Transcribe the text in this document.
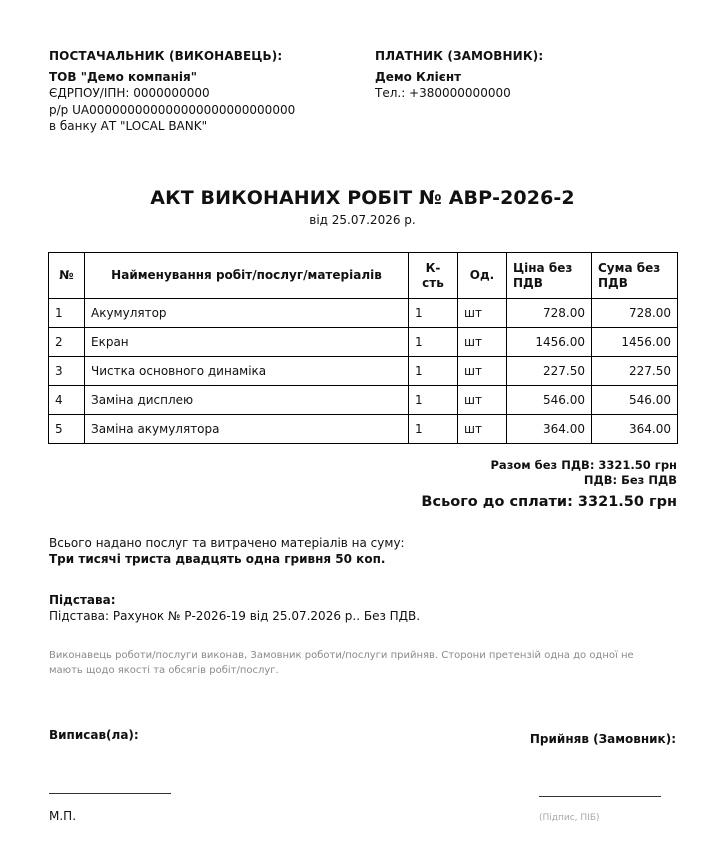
ПОСТАЧАЛЬНИК (ВИКОНАВЕЦЬ):
ТОВ "Демо компанія"
ЄДРПОУ/ІПН: 0000000000
р/р UA000000000000000000000000000
в банку АТ "LOCAL BANK"
ПЛАТНИК (ЗАМОВНИК):
Демо Клієнт
Тел.: +380000000000
АКТ ВИКОНАНИХ РОБІТ № АВР-2026-2
від 25.07.2026 р.
№	Найменування робіт/послуг/матеріалів	К-сть	Од.	Ціна без ПДВ	Сума без ПДВ
1	Акумулятор	1	шт	728.00	728.00
2	Екран	1	шт	1456.00	1456.00
3	Чистка основного динаміка	1	шт	227.50	227.50
4	Заміна дисплею	1	шт	546.00	546.00
5	Заміна акумулятора	1	шт	364.00	364.00
Разом без ПДВ: 3321.50 грн
ПДВ: Без ПДВ
Всього до сплати: 3321.50 грн
Всього надано послуг та витрачено матеріалів на суму:
Три тисячі триста двадцять одна гривня 50 коп.
Підстава:
Підстава: Рахунок № Р-2026-19 від 25.07.2026 р.. Без ПДВ.
Виконавець роботи/послуги виконав, Замовник роботи/послуги прийняв. Сторони претензій одна до одної не
мають щодо якості та обсягів робіт/послуг.
Виписав(ла):	Прийняв (Замовник):
М.П.	(Підпис, ПІБ)
